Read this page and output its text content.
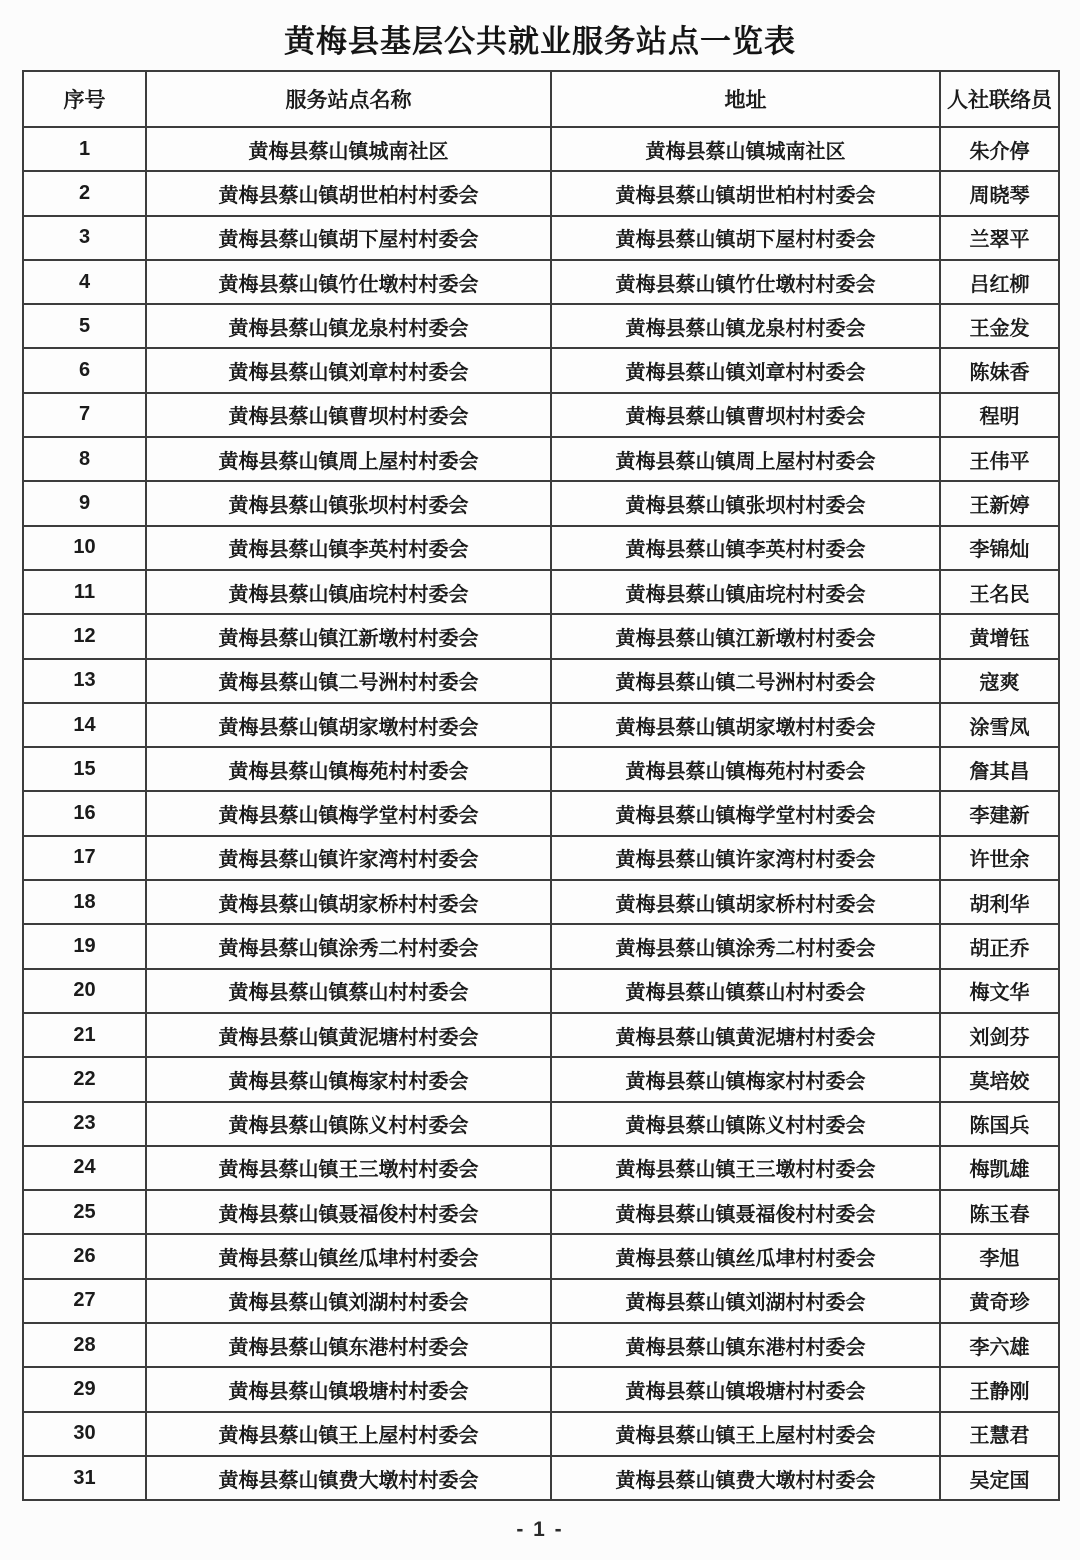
黄梅县基层公共就业服务站点一览表
序号	服务站点名称	地址	人社联络员
1	黄梅县蔡山镇城南社区	黄梅县蔡山镇城南社区	朱介停
2	黄梅县蔡山镇胡世柏村村委会	黄梅县蔡山镇胡世柏村村委会	周晓琴
3	黄梅县蔡山镇胡下屋村村委会	黄梅县蔡山镇胡下屋村村委会	兰翠平
4	黄梅县蔡山镇竹仕墩村村委会	黄梅县蔡山镇竹仕墩村村委会	吕红柳
5	黄梅县蔡山镇龙泉村村委会	黄梅县蔡山镇龙泉村村委会	王金发
6	黄梅县蔡山镇刘章村村委会	黄梅县蔡山镇刘章村村委会	陈妹香
7	黄梅县蔡山镇曹坝村村委会	黄梅县蔡山镇曹坝村村委会	程明
8	黄梅县蔡山镇周上屋村村委会	黄梅县蔡山镇周上屋村村委会	王伟平
9	黄梅县蔡山镇张坝村村委会	黄梅县蔡山镇张坝村村委会	王新婷
10	黄梅县蔡山镇李英村村委会	黄梅县蔡山镇李英村村委会	李锦灿
11	黄梅县蔡山镇庙垸村村委会	黄梅县蔡山镇庙垸村村委会	王名民
12	黄梅县蔡山镇江新墩村村委会	黄梅县蔡山镇江新墩村村委会	黄增钰
13	黄梅县蔡山镇二号洲村村委会	黄梅县蔡山镇二号洲村村委会	寇爽
14	黄梅县蔡山镇胡家墩村村委会	黄梅县蔡山镇胡家墩村村委会	涂雪凤
15	黄梅县蔡山镇梅苑村村委会	黄梅县蔡山镇梅苑村村委会	詹其昌
16	黄梅县蔡山镇梅学堂村村委会	黄梅县蔡山镇梅学堂村村委会	李建新
17	黄梅县蔡山镇许家湾村村委会	黄梅县蔡山镇许家湾村村委会	许世余
18	黄梅县蔡山镇胡家桥村村委会	黄梅县蔡山镇胡家桥村村委会	胡利华
19	黄梅县蔡山镇涂秀二村村委会	黄梅县蔡山镇涂秀二村村委会	胡正乔
20	黄梅县蔡山镇蔡山村村委会	黄梅县蔡山镇蔡山村村委会	梅文华
21	黄梅县蔡山镇黄泥塘村村委会	黄梅县蔡山镇黄泥塘村村委会	刘剑芬
22	黄梅县蔡山镇梅家村村委会	黄梅县蔡山镇梅家村村委会	莫培姣
23	黄梅县蔡山镇陈义村村委会	黄梅县蔡山镇陈义村村委会	陈国兵
24	黄梅县蔡山镇王三墩村村委会	黄梅县蔡山镇王三墩村村委会	梅凯雄
25	黄梅县蔡山镇聂福俊村村委会	黄梅县蔡山镇聂福俊村村委会	陈玉春
26	黄梅县蔡山镇丝瓜垏村村委会	黄梅县蔡山镇丝瓜垏村村委会	李旭
27	黄梅县蔡山镇刘湖村村委会	黄梅县蔡山镇刘湖村村委会	黄奇珍
28	黄梅县蔡山镇东港村村委会	黄梅县蔡山镇东港村村委会	李六雄
29	黄梅县蔡山镇塅塘村村委会	黄梅县蔡山镇塅塘村村委会	王静刚
30	黄梅县蔡山镇王上屋村村委会	黄梅县蔡山镇王上屋村村委会	王慧君
31	黄梅县蔡山镇费大墩村村委会	黄梅县蔡山镇费大墩村村委会	吴定国
- 1 -
